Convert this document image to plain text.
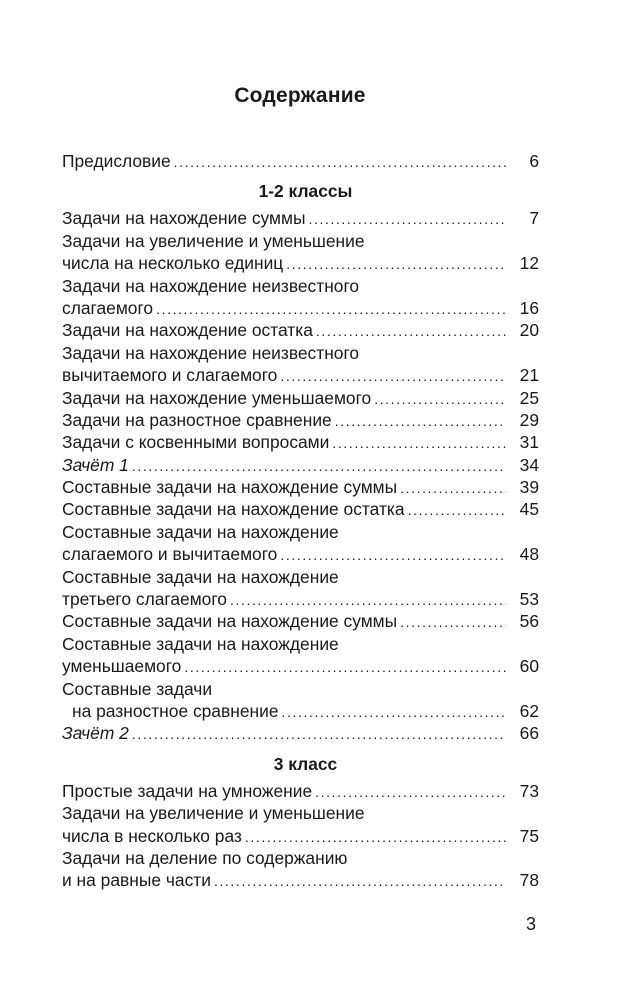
Содержание
Предисловие .....	6
1-2 классы
Задачи на нахождение суммы .....	7
Задачи на увеличение и уменьшение
числа на несколько единиц .....	12
Задачи на нахождение неизвестного
слагаемого .....	16
Задачи на нахождение остатка .....	20
Задачи на нахождение неизвестного
вычитаемого и слагаемого .....	21
Задачи на нахождение уменьшаемого .....	25
Задачи на разностное сравнение .....	29
Задачи с косвенными вопросами .....	31
Зачёт 1 .....	34
Составные задачи на нахождение суммы .....	39
Составные задачи на нахождение остатка .....	45
Составные задачи на нахождение
слагаемого и вычитаемого .....	48
Составные задачи на нахождение
третьего слагаемого .....	53
Составные задачи на нахождение суммы .....	56
Составные задачи на нахождение
уменьшаемого .....	60
Составные задачи
на разностное сравнение .....	62
Зачёт 2 .....	66
3 класс
Простые задачи на умножение .....	73
Задачи на увеличение и уменьшение
числа в несколько раз .....	75
Задачи на деление по содержанию
и на равные части .....	78
3
